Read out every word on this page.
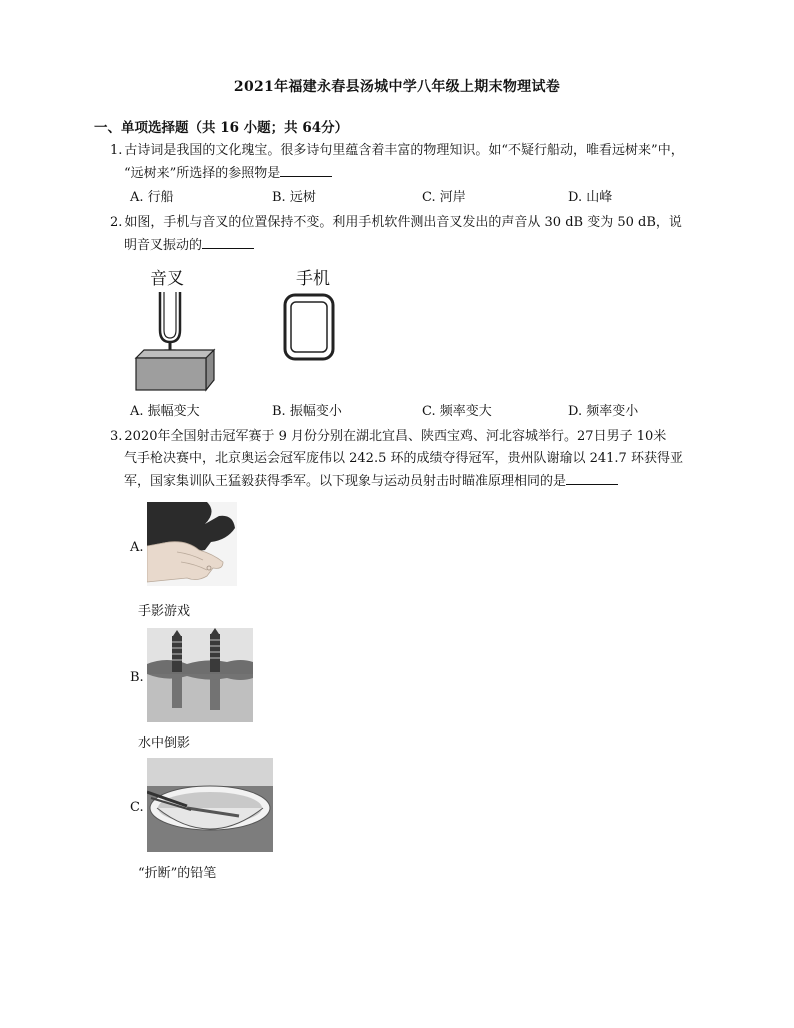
2021年福建永春县汤城中学八年级上期末物理试卷
一、单项选择题（共 16 小题；共 64分）
1. 古诗词是我国的文化瑰宝。很多诗句里蕴含着丰富的物理知识。如“不疑行船动，唯看远树来”中，
“远树来”所选择的参照物是
A. 行船	B. 远树	C. 河岸	D. 山峰
2. 如图，手机与音叉的位置保持不变。利用手机软件测出音叉发出的声音从 30 dB 变为 50 dB，说
明音叉振动的
音叉	手机
A. 振幅变大	B. 振幅变小	C. 频率变大	D. 频率变小
3. 2020年全国射击冠军赛于 9 月份分别在湖北宜昌、陕西宝鸡、河北容城举行。27日男子 10米
气手枪决赛中，北京奥运会冠军庞伟以 242.5 环的成绩夺得冠军，贵州队谢瑜以 241.7 环获得亚
军，国家集训队王猛毅获得季军。以下现象与运动员射击时瞄准原理相同的是
A.
手影游戏
B.
水中倒影
C.
“折断”的铅笔
